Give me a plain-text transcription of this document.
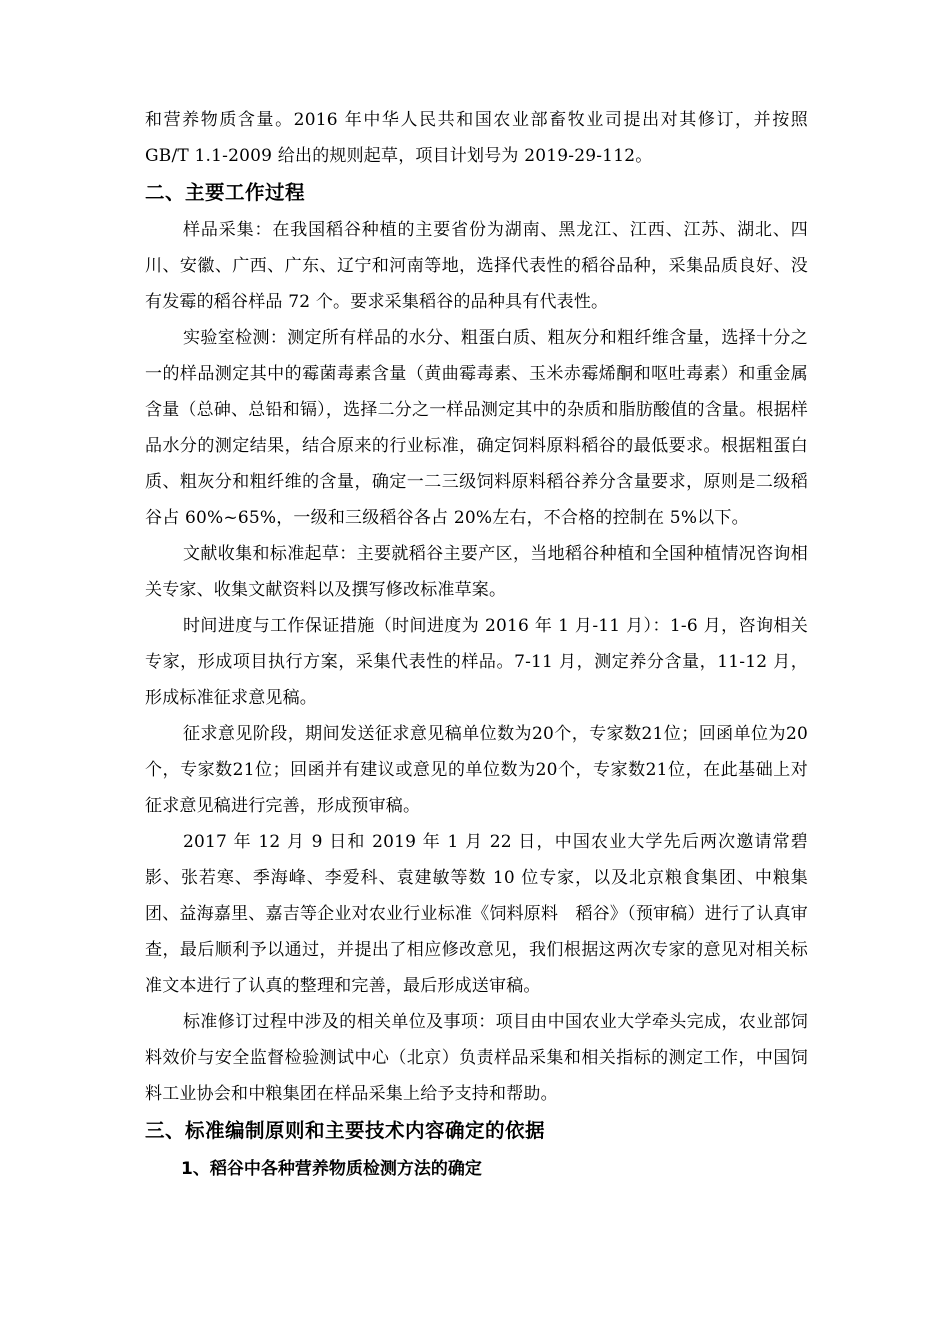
和营养物质含量。2016 年中华人民共和国农业部畜牧业司提出对其修订，并按照 GB/T 1.1-2009 给出的规则起草，项目计划号为 2019-29-112。

二、主要工作过程

样品采集：在我国稻谷种植的主要省份为湖南、黑龙江、江西、江苏、湖北、四川、安徽、广西、广东、辽宁和河南等地，选择代表性的稻谷品种，采集品质良好、没有发霉的稻谷样品 72 个。要求采集稻谷的品种具有代表性。

实验室检测：测定所有样品的水分、粗蛋白质、粗灰分和粗纤维含量，选择十分之一的样品测定其中的霉菌毒素含量（黄曲霉毒素、玉米赤霉烯酮和呕吐毒素）和重金属含量（总砷、总铅和镉），选择二分之一样品测定其中的杂质和脂肪酸值的含量。根据样品水分的测定结果，结合原来的行业标准，确定饲料原料稻谷的最低要求。根据粗蛋白质、粗灰分和粗纤维的含量，确定一二三级饲料原料稻谷养分含量要求，原则是二级稻谷占 60%~65%，一级和三级稻谷各占 20%左右，不合格的控制在 5%以下。

文献收集和标准起草：主要就稻谷主要产区，当地稻谷种植和全国种植情况咨询相关专家、收集文献资料以及撰写修改标准草案。

时间进度与工作保证措施（时间进度为 2016 年 1 月-11 月）：1-6 月，咨询相关专家，形成项目执行方案，采集代表性的样品。7-11 月，测定养分含量，11-12 月，形成标准征求意见稿。

征求意见阶段，期间发送征求意见稿单位数为20个，专家数21位；回函单位为20个，专家数21位；回函并有建议或意见的单位数为20个，专家数21位，在此基础上对征求意见稿进行完善，形成预审稿。

2017 年 12 月 9 日和 2019 年 1 月 22 日，中国农业大学先后两次邀请常碧影、张若寒、季海峰、李爱科、袁建敏等数 10 位专家，以及北京粮食集团、中粮集团、益海嘉里、嘉吉等企业对农业行业标准《饲料原料　稻谷》（预审稿）进行了认真审查，最后顺利予以通过，并提出了相应修改意见，我们根据这两次专家的意见对相关标准文本进行了认真的整理和完善，最后形成送审稿。

标准修订过程中涉及的相关单位及事项：项目由中国农业大学牵头完成，农业部饲料效价与安全监督检验测试中心（北京）负责样品采集和相关指标的测定工作，中国饲料工业协会和中粮集团在样品采集上给予支持和帮助。

三、标准编制原则和主要技术内容确定的依据
1、稻谷中各种营养物质检测方法的确定
